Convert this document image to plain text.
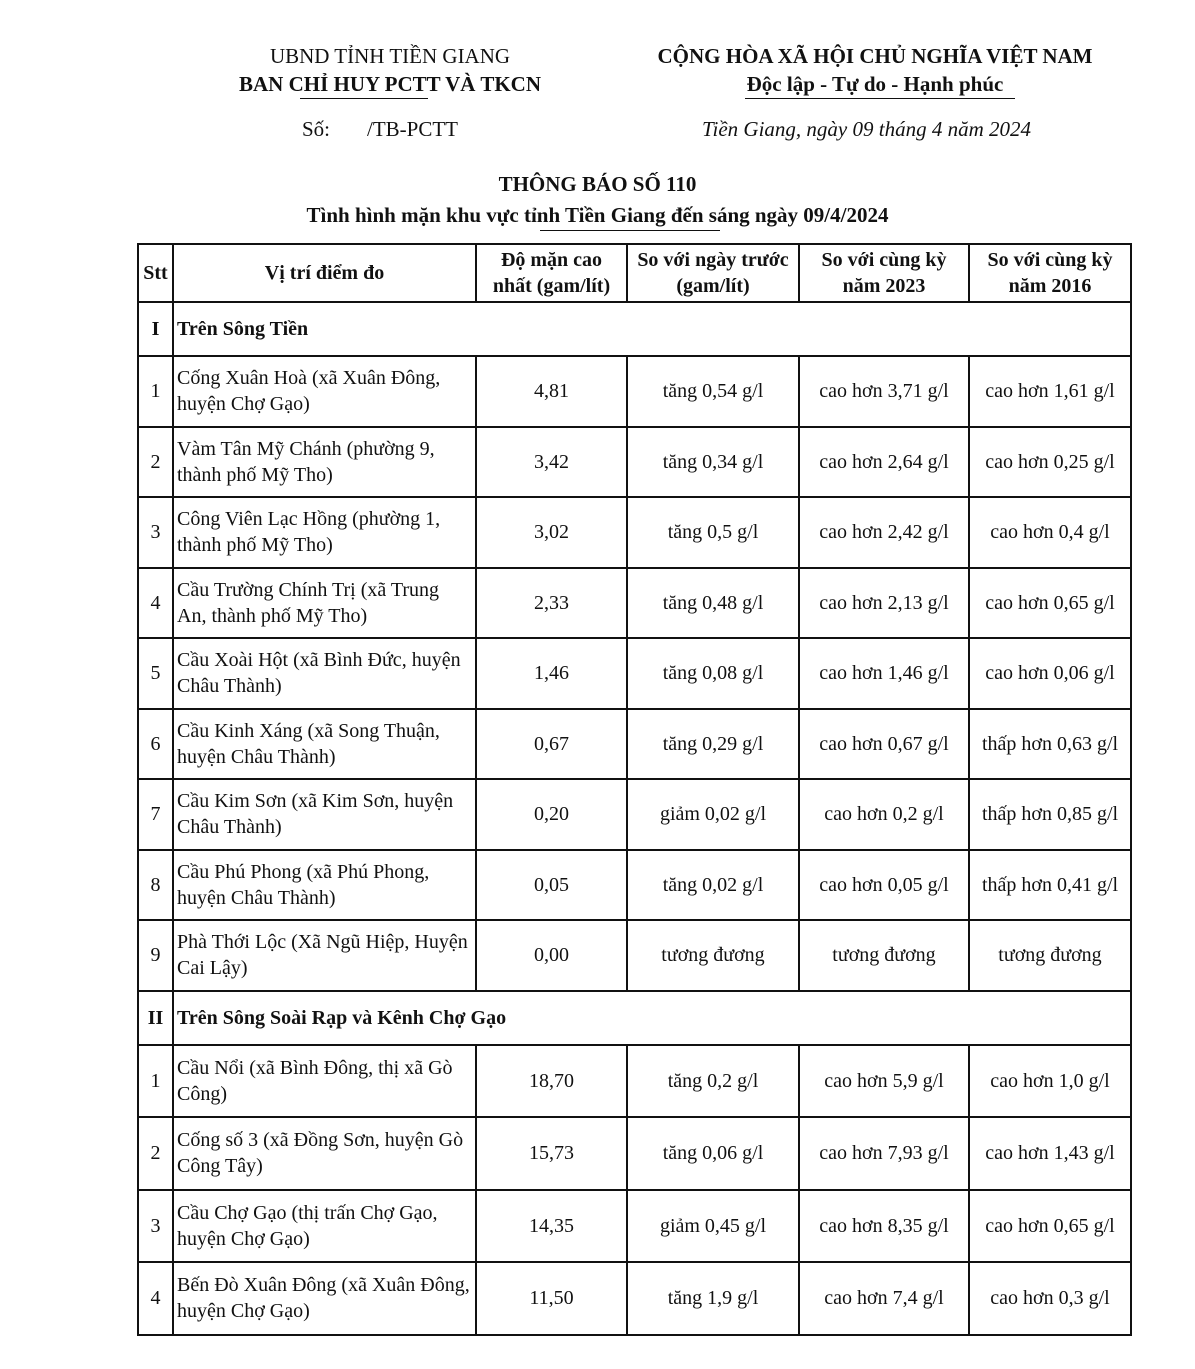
UBND TỈNH TIỀN GIANG
BAN CHỈ HUY PCTT VÀ TKCN
Số: /TB-PCTT
CỘNG HÒA XÃ HỘI CHỦ NGHĨA VIỆT NAM
Độc lập - Tự do - Hạnh phúc
Tiền Giang, ngày 09 tháng 4 năm 2024
THÔNG BÁO SỐ 110
Tình hình mặn khu vực tỉnh Tiền Giang đến sáng ngày 09/4/2024
Stt	Vị trí điểm đo	Độ mặn cao nhất (gam/lít)	So với ngày trước (gam/lít)	So với cùng kỳ năm 2023	So với cùng kỳ năm 2016
I	Trên Sông Tiền				
1	Cống Xuân Hoà (xã Xuân Đông, huyện Chợ Gạo)	4,81	tăng 0,54 g/l	cao hơn 3,71 g/l	cao hơn 1,61 g/l
2	Vàm Tân Mỹ Chánh (phường 9, thành phố Mỹ Tho)	3,42	tăng 0,34 g/l	cao hơn 2,64 g/l	cao hơn 0,25 g/l
3	Công Viên Lạc Hồng (phường 1, thành phố Mỹ Tho)	3,02	tăng 0,5 g/l	cao hơn 2,42 g/l	cao hơn 0,4 g/l
4	Cầu Trường Chính Trị (xã Trung An, thành phố Mỹ Tho)	2,33	tăng 0,48 g/l	cao hơn 2,13 g/l	cao hơn 0,65 g/l
5	Cầu Xoài Hột (xã Bình Đức, huyện Châu Thành)	1,46	tăng 0,08 g/l	cao hơn 1,46 g/l	cao hơn 0,06 g/l
6	Cầu Kinh Xáng (xã Song Thuận, huyện Châu Thành)	0,67	tăng 0,29 g/l	cao hơn 0,67 g/l	thấp hơn 0,63 g/l
7	Cầu Kim Sơn (xã Kim Sơn, huyện Châu Thành)	0,20	giảm 0,02 g/l	cao hơn 0,2 g/l	thấp hơn 0,85 g/l
8	Cầu Phú Phong (xã Phú Phong, huyện Châu Thành)	0,05	tăng 0,02 g/l	cao hơn 0,05 g/l	thấp hơn 0,41 g/l
9	Phà Thới Lộc (Xã Ngũ Hiệp, Huyện Cai Lậy)	0,00	tương đương	tương đương	tương đương
II	Trên Sông Soài Rạp và Kênh Chợ Gạo				
1	Cầu Nổi (xã Bình Đông, thị xã Gò Công)	18,70	tăng 0,2 g/l	cao hơn 5,9 g/l	cao hơn 1,0 g/l
2	Cống số 3 (xã Đồng Sơn, huyện Gò Công Tây)	15,73	tăng 0,06 g/l	cao hơn 7,93 g/l	cao hơn 1,43 g/l
3	Cầu Chợ Gạo (thị trấn Chợ Gạo, huyện Chợ Gạo)	14,35	giảm 0,45 g/l	cao hơn 8,35 g/l	cao hơn 0,65 g/l
4	Bến Đò Xuân Đông (xã Xuân Đông, huyện Chợ Gạo)	11,50	tăng 1,9 g/l	cao hơn 7,4 g/l	cao hơn 0,3 g/l
